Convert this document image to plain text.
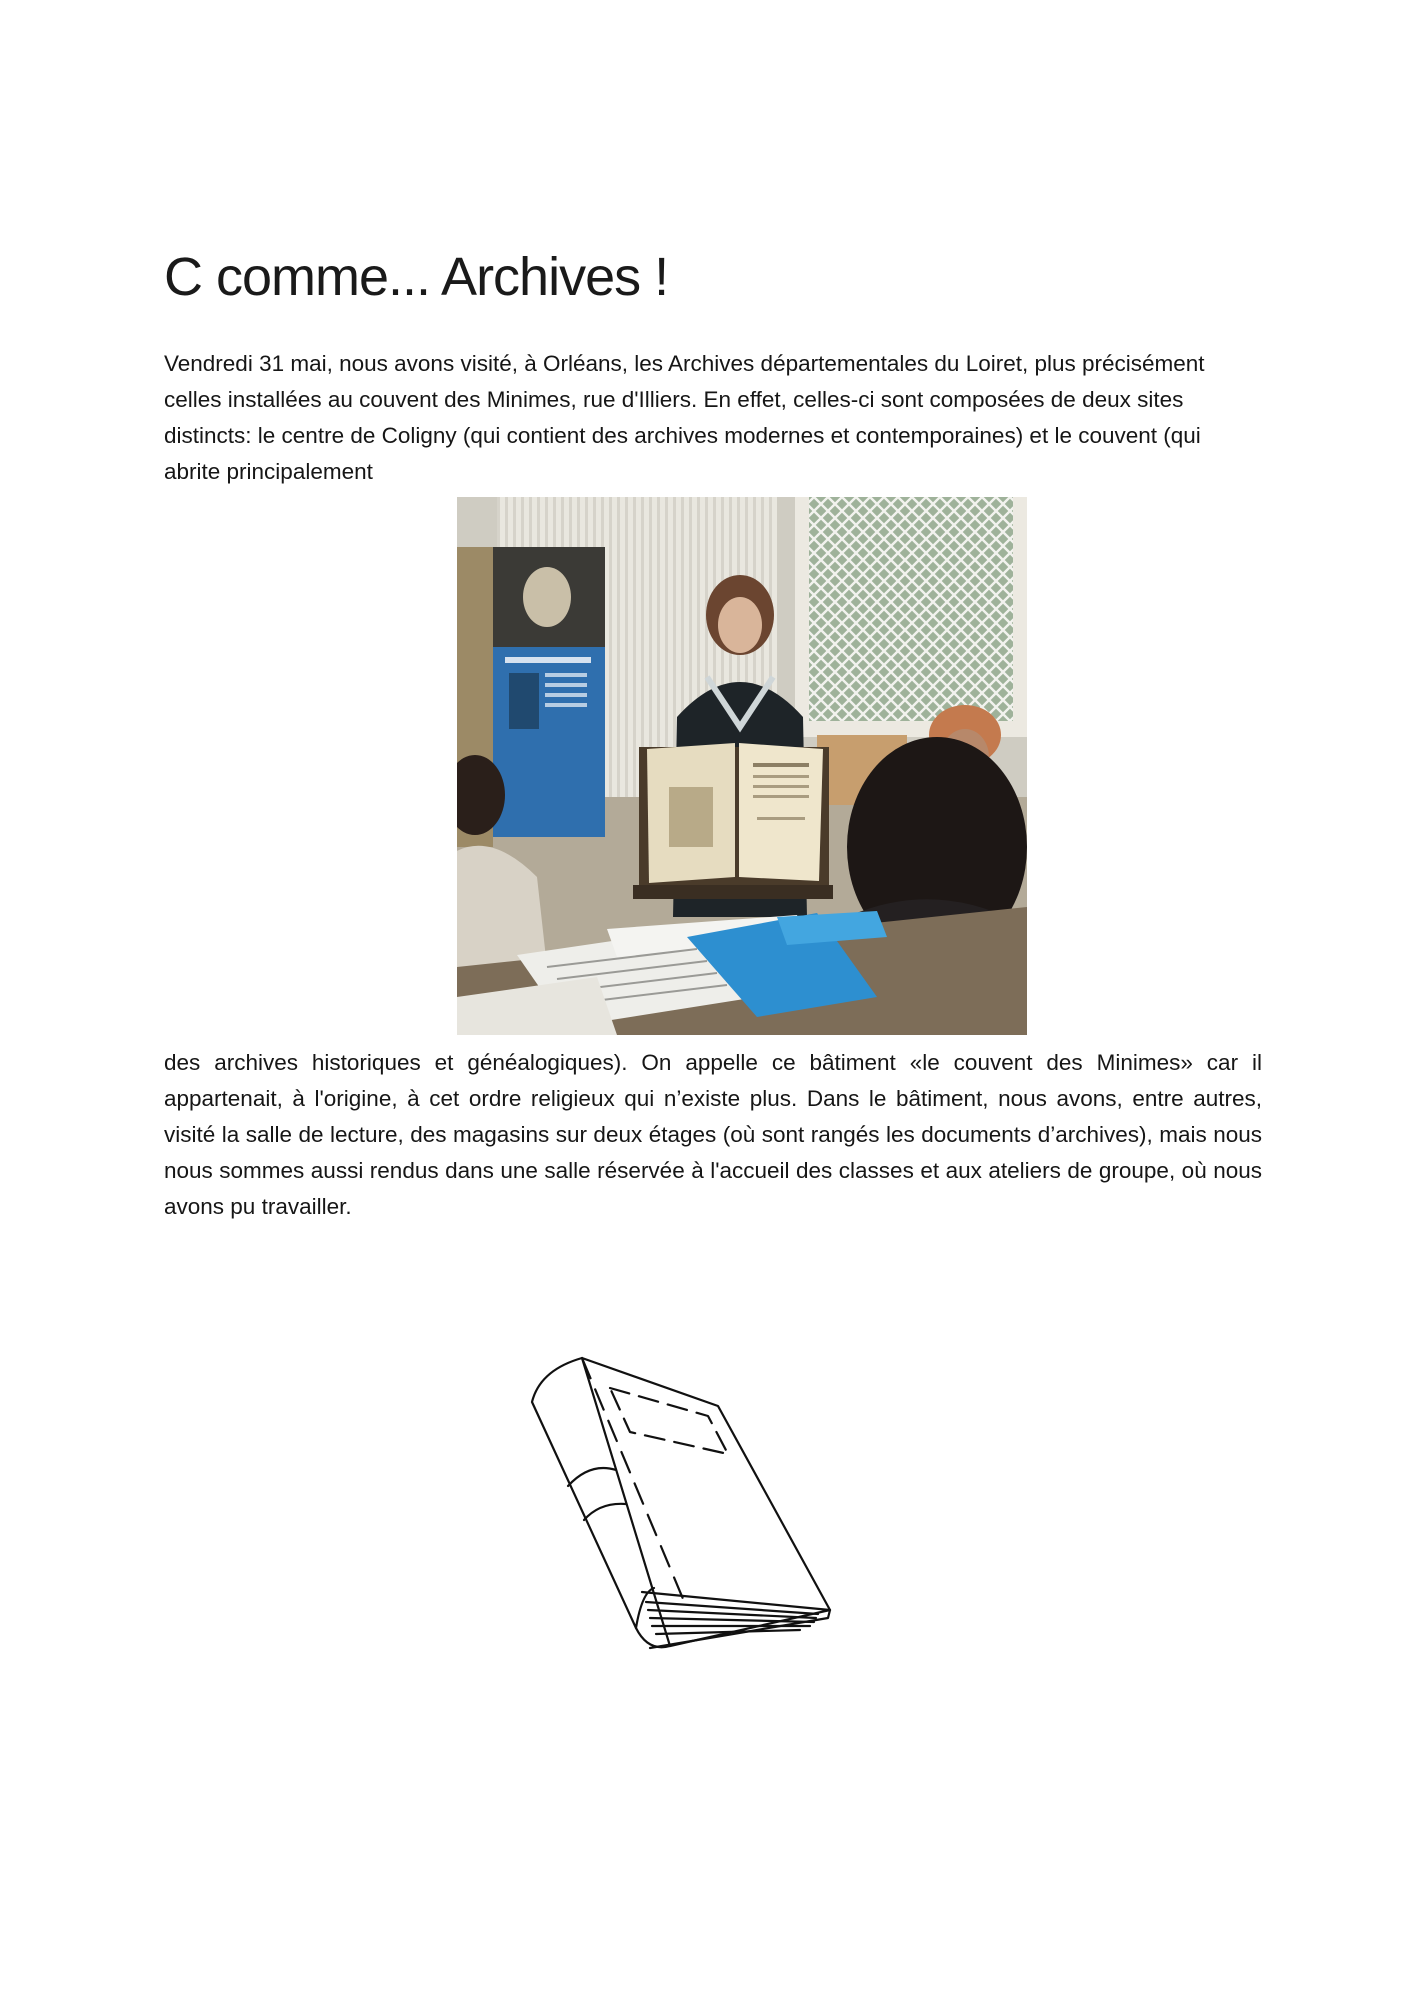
C comme... Archives !

Vendredi 31 mai, nous avons visité, à Orléans, les Archives départementales du Loiret, plus précisément celles installées au couvent des Minimes, rue d'Illiers. En effet, celles-ci sont composées de deux sites distincts: le centre de Coligny (qui contient des archives modernes et contemporaines) et le couvent (qui abrite principalement

des archives historiques et généalogiques). On appelle ce bâtiment «le couvent des Minimes» car il appartenait, à l'origine, à cet ordre religieux qui n’existe plus. Dans le bâtiment, nous avons, entre autres, visité la salle de lecture, des magasins sur deux étages (où sont rangés les documents d’archives), mais nous nous sommes aussi rendus dans une salle réservée à l'accueil des classes et aux ateliers de groupe, où nous avons pu travailler.
